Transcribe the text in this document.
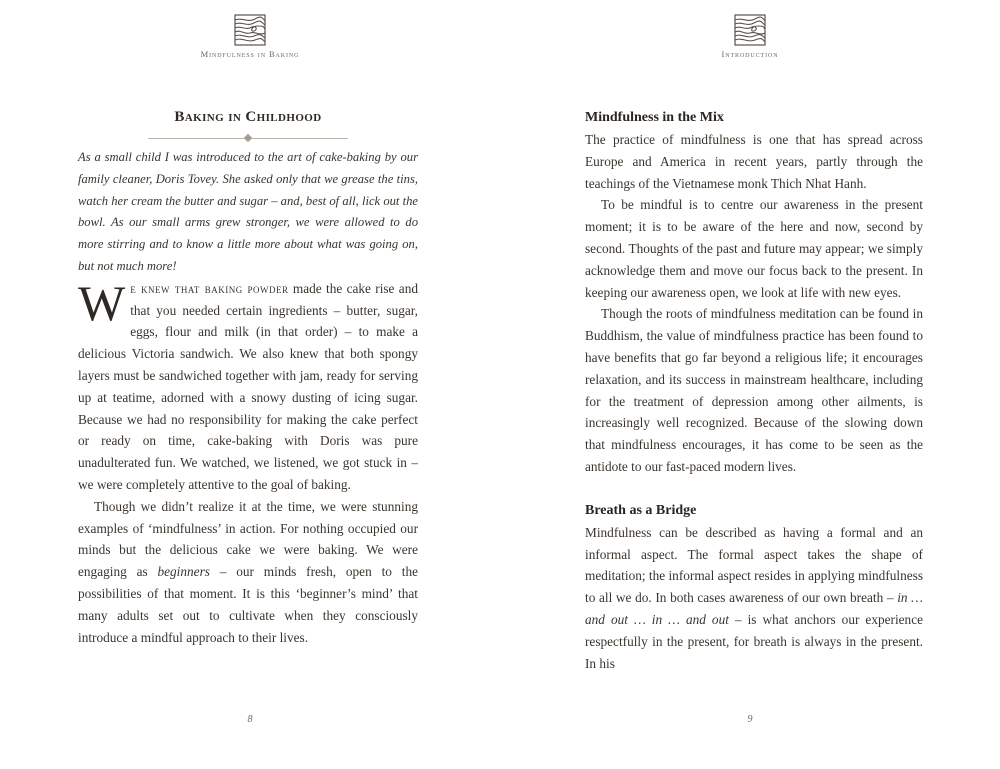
Mindfulness in Baking
Baking in Childhood

As a small child I was introduced to the art of cake-baking by our family cleaner, Doris Tovey. She asked only that we grease the tins, watch her cream the butter and sugar – and, best of all, lick out the bowl. As our small arms grew stronger, we were allowed to do more stirring and to know a little more about what was going on, but not much more!

We knew that baking powder made the cake rise and that you needed certain ingredients – butter, sugar, eggs, flour and milk (in that order) – to make a delicious Victoria sandwich. We also knew that both spongy layers must be sandwiched together with jam, ready for serving up at teatime, adorned with a snowy dusting of icing sugar. Because we had no responsibility for making the cake perfect or ready on time, cake-baking with Doris was pure unadulterated fun. We watched, we listened, we got stuck in – we were completely attentive to the goal of baking.

Though we didn’t realize it at the time, we were stunning examples of ‘mindfulness’ in action. For nothing occupied our minds but the delicious cake we were baking. We were engaging as beginners – our minds fresh, open to the possibilities of that moment. It is this ‘beginner’s mind’ that many adults set out to cultivate when they consciously introduce a mindful approach to their lives.

8
Introduction
Mindfulness in the Mix

The practice of mindfulness is one that has spread across Europe and America in recent years, partly through the teachings of the Vietnamese monk Thich Nhat Hanh.

To be mindful is to centre our awareness in the present moment; it is to be aware of the here and now, second by second. Thoughts of the past and future may appear; we simply acknowledge them and move our focus back to the present. In keeping our awareness open, we look at life with new eyes.

Though the roots of mindfulness meditation can be found in Buddhism, the value of mindfulness practice has been found to have benefits that go far beyond a religious life; it encourages relaxation, and its success in mainstream healthcare, including for the treatment of depression among other ailments, is increasingly well recognized. Because of the slowing down that mindfulness encourages, it has come to be seen as the antidote to our fast-paced modern lives.

Breath as a Bridge

Mindfulness can be described as having a formal and an informal aspect. The formal aspect takes the shape of meditation; the informal aspect resides in applying mindfulness to all we do. In both cases awareness of our own breath – in … and out … in … and out – is what anchors our experience respectfully in the present, for breath is always in the present. In his

9
